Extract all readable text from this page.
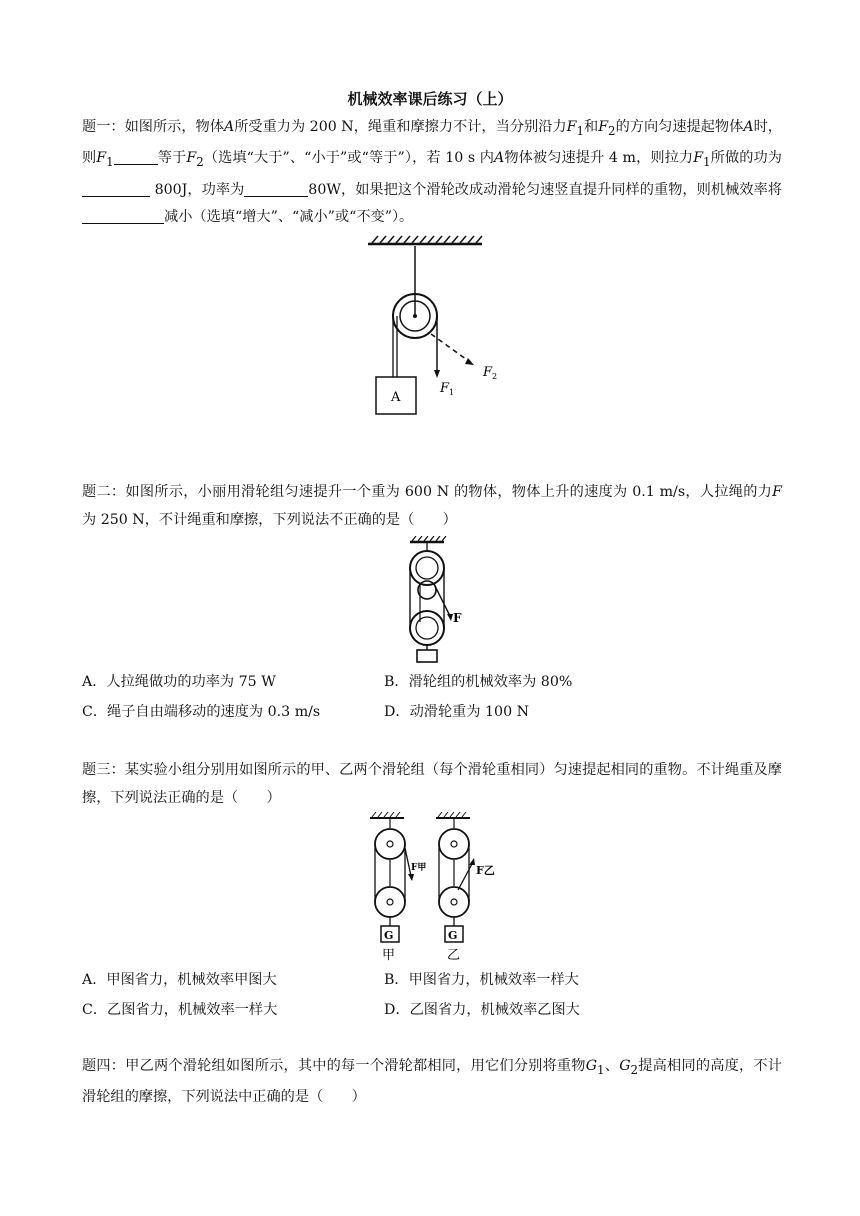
机械效率课后练习（上）
题一：如图所示，物体A所受重力为 200 N，绳重和摩擦力不计，当分别沿力$F_1$和$F_2$的方向匀速提起物体A时，则$F_1$	等于$F_2$（选填“大于”、“小于”或“等于”），若 10 s 内A物体被匀速提升 4 m，则拉力$F_1$所做的功为 800J，功率为	80W，如果把这个滑轮改成动滑轮匀速竖直提升同样的重物，则机械效率将减小（选填“增大”、“减小”或“不变”）。
A
F 1
F 2
题二：如图所示，小丽用滑轮组匀速提升一个重为 600 N 的物体，物体上升的速度为 0.1 m/s，人拉绳的力F为 250 N，不计绳重和摩擦，下列说法不正确的是（　　）
F
A．人拉绳做功的功率为 75 W	B．滑轮组的机械效率为 80%
C．绳子自由端移动的速度为 0.3 m/s	D．动滑轮重为 100 N
题三：某实验小组分别用如图所示的甲、乙两个滑轮组（每个滑轮重相同）匀速提起相同的重物。不计绳重及摩擦，下列说法正确的是（　　）
F甲
G
甲
F乙
G
乙
A．甲图省力，机械效率甲图大	B．甲图省力，机械效率一样大
C．乙图省力，机械效率一样大	D．乙图省力，机械效率乙图大
题四：甲乙两个滑轮组如图所示，其中的每一个滑轮都相同，用它们分别将重物$G_1$、$G_2$提高相同的高度，不计滑轮组的摩擦，下列说法中正确的是（　　）
